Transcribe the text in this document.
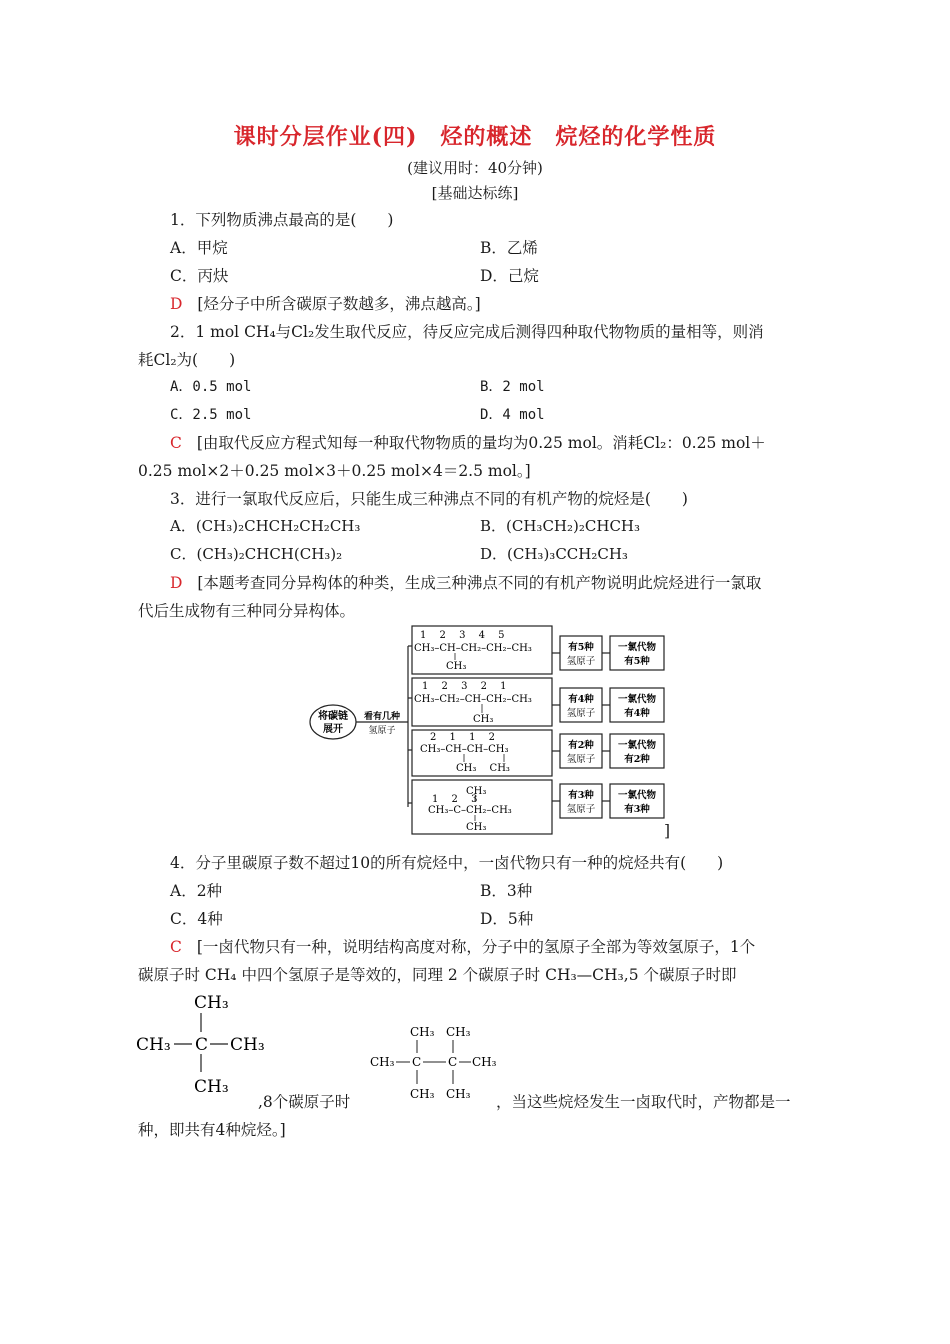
课时分层作业(四)　烃的概述　烷烃的化学性质
(建议用时：40分钟)
[基础达标练]
1．下列物质沸点最高的是(　　)
A．甲烷	B．乙烯
C．丙炔	D．己烷
D [烃分子中所含碳原子数越多，沸点越高。]
2．1 mol CH₄与Cl₂发生取代反应，待反应完成后测得四种取代物物质的量相等，则消
耗Cl₂为(　　)
A．0.5 mol	B．2 mol
C．2.5 mol	D．4 mol
C [由取代反应方程式知每一种取代物物质的量均为0.25 mol。消耗Cl₂：0.25 mol＋
0.25 mol×2＋0.25 mol×3＋0.25 mol×4＝2.5 mol。]
3．进行一氯取代反应后，只能生成三种沸点不同的有机产物的烷烃是(　　)
A．(CH₃)₂CHCH₂CH₂CH₃	B．(CH₃CH₂)₂CHCH₃
C．(CH₃)₂CHCH(CH₃)₂	D．(CH₃)₃CCH₂CH₃
D [本题考查同分异构体的种类，生成三种沸点不同的有机产物说明此烷烃进行一氯取
代后生成物有三种同分异构体。
将碳链
展开
看有几种
氢原子
1　 2　 3　 4　 5
CH₃–CH–CH₂–CH₂–CH₃
CH₃
有5种
氢原子
一氯代物
有5种
1　 2　 3　 2　 1
CH₃–CH₂–CH–CH₂–CH₃
CH₃
有4种
氢原子
一氯代物
有4种
2　 1　 1　 2
CH₃–CH–CH–CH₃
CH₃　 CH₃
有2种
氢原子
一氯代物
有2种
CH₃
1　 2　 3
CH₃–C–CH₂–CH₃
CH₃
有3种
氢原子
一氯代物
有3种
]
4．分子里碳原子数不超过10的所有烷烃中，一卤代物只有一种的烷烃共有(　　)
A．2种	B．3种
C．4种	D．5种
C [一卤代物只有一种，说明结构高度对称，分子中的氢原子全部为等效氢原子，1个
碳原子时 CH₄ 中四个氢原子是等效的，同理 2 个碳原子时 CH₃—CH₃,5 个碳原子时即
CH₃
CH₃ C CH₃
CH₃
,8个碳原子时
CH₃ CH₃
CH₃ C C CH₃
CH₃ CH₃ ，当这些烷烃发生一卤取代时，产物都是一
种，即共有4种烷烃。]
